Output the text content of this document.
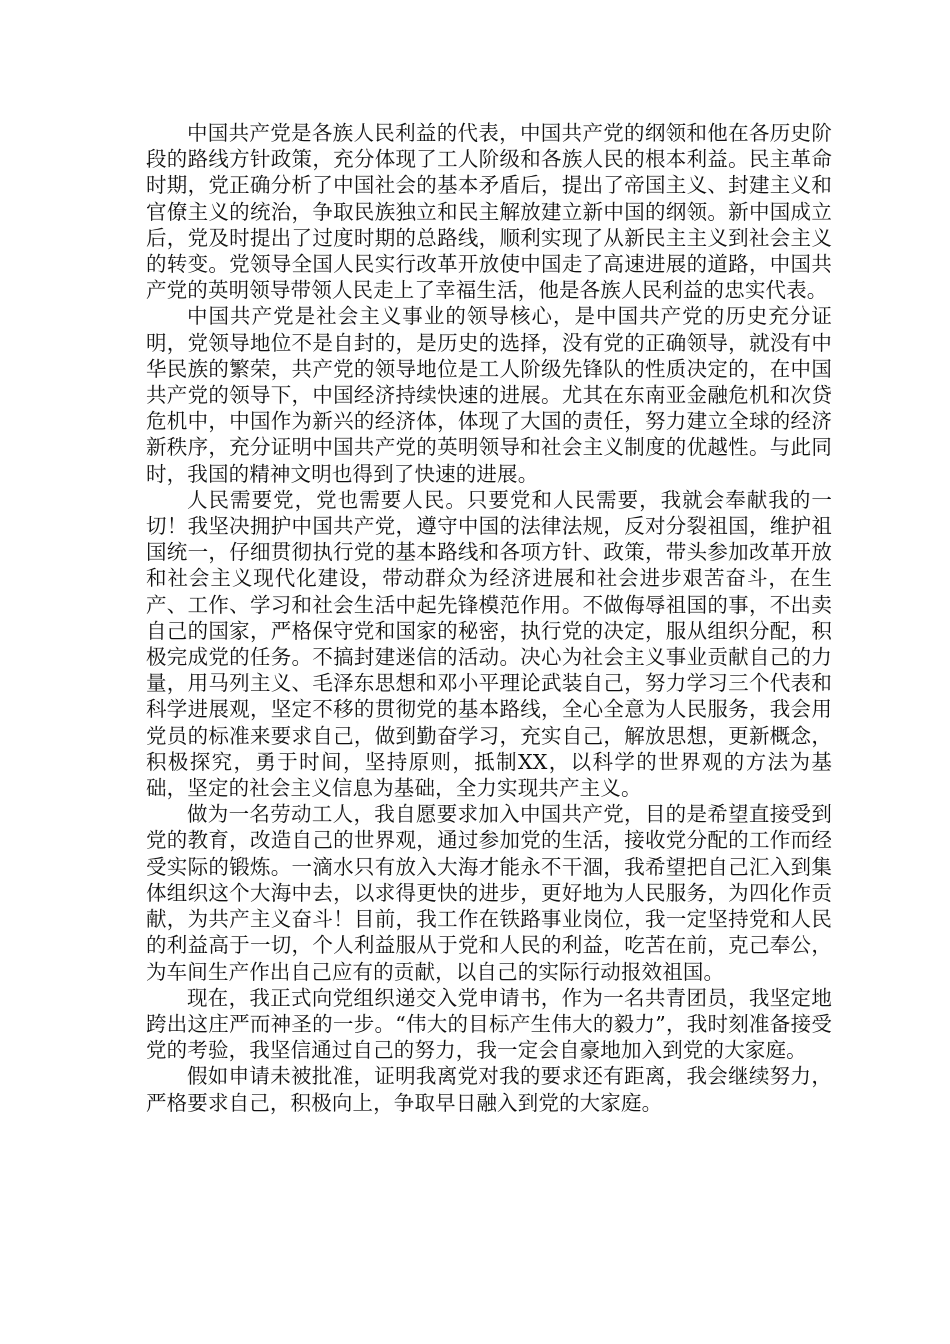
中国共产党是各族人民利益的代表，中国共产党的纲领和他在各历史阶段的路线方针政策，充分体现了工人阶级和各族人民的根本利益。民主革命时期，党正确分析了中国社会的基本矛盾后，提出了帝国主义、封建主义和官僚主义的统治，争取民族独立和民主解放建立新中国的纲领。新中国成立后，党及时提出了过度时期的总路线，顺利实现了从新民主主义到社会主义的转变。党领导全国人民实行改革开放使中国走了高速进展的道路，中国共产党的英明领导带领人民走上了幸福生活，他是各族人民利益的忠实代表。

中国共产党是社会主义事业的领导核心，是中国共产党的历史充分证明，党领导地位不是自封的，是历史的选择，没有党的正确领导，就没有中华民族的繁荣，共产党的领导地位是工人阶级先锋队的性质决定的，在中国共产党的领导下，中国经济持续快速的进展。尤其在东南亚金融危机和次贷危机中，中国作为新兴的经济体，体现了大国的责任，努力建立全球的经济新秩序，充分证明中国共产党的英明领导和社会主义制度的优越性。与此同时，我国的精神文明也得到了快速的进展。

人民需要党，党也需要人民。只要党和人民需要，我就会奉献我的一切！我坚决拥护中国共产党，遵守中国的法律法规，反对分裂祖国，维护祖国统一，仔细贯彻执行党的基本路线和各项方针、政策，带头参加改革开放和社会主义现代化建设，带动群众为经济进展和社会进步艰苦奋斗，在生产、工作、学习和社会生活中起先锋模范作用。不做侮辱祖国的事，不出卖自己的国家，严格保守党和国家的秘密，执行党的决定，服从组织分配，积极完成党的任务。不搞封建迷信的活动。决心为社会主义事业贡献自己的力量，用马列主义、毛泽东思想和邓小平理论武装自己，努力学习三个代表和科学进展观，坚定不移的贯彻党的基本路线，全心全意为人民服务，我会用党员的标准来要求自己，做到勤奋学习，充实自己，解放思想，更新概念，积极探究，勇于时间，坚持原则，抵制XX，以科学的世界观的方法为基础，坚定的社会主义信息为基础，全力实现共产主义。

做为一名劳动工人，我自愿要求加入中国共产党，目的是希望直接受到党的教育，改造自己的世界观，通过参加党的生活，接收党分配的工作而经受实际的锻炼。一滴水只有放入大海才能永不干涸，我希望把自己汇入到集体组织这个大海中去，以求得更快的进步，更好地为人民服务，为四化作贡献，为共产主义奋斗！目前，我工作在铁路事业岗位，我一定坚持党和人民的利益高于一切，个人利益服从于党和人民的利益，吃苦在前，克己奉公，为车间生产作出自己应有的贡献，以自己的实际行动报效祖国。

现在，我正式向党组织递交入党申请书，作为一名共青团员，我坚定地跨出这庄严而神圣的一步。“伟大的目标产生伟大的毅力”，我时刻准备接受党的考验，我坚信通过自己的努力，我一定会自豪地加入到党的大家庭。

假如申请未被批准，证明我离党对我的要求还有距离，我会继续努力，严格要求自己，积极向上，争取早日融入到党的大家庭。
